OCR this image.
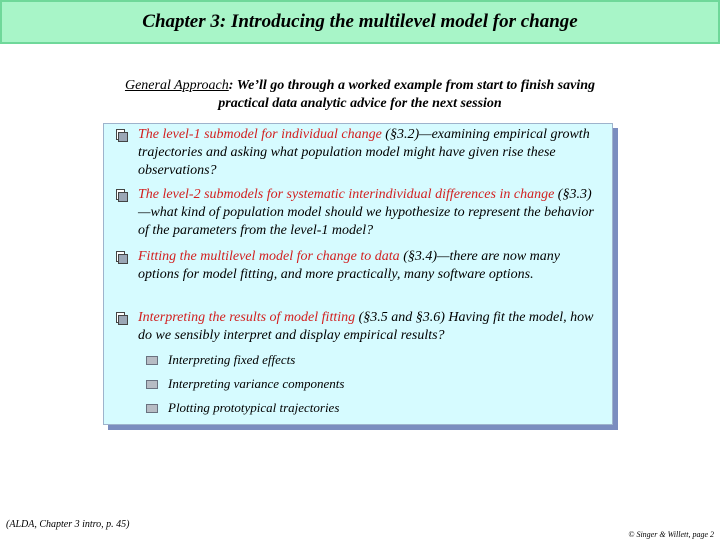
Chapter 3: Introducing the multilevel model for change
General Approach: We’ll go through a worked example from start to finish saving practical data analytic advice for the next session
The level-1 submodel for individual change (§3.2)—examining empirical growth trajectories and asking what population model might have given rise these observations?
The level-2 submodels for systematic interindividual differences in change (§3.3)—what kind of population model should we hypothesize to represent the behavior of the parameters from the level-1 model?
Fitting the multilevel model for change to data (§3.4)—there are now many options for model fitting, and more practically, many software options.
Interpreting the results of model fitting (§3.5 and §3.6) Having fit the model, how do we sensibly interpret and display empirical results?
Interpreting fixed effects
Interpreting variance components
Plotting prototypical trajectories
(ALDA, Chapter 3 intro, p. 45)
© Singer & Willett, page 2
